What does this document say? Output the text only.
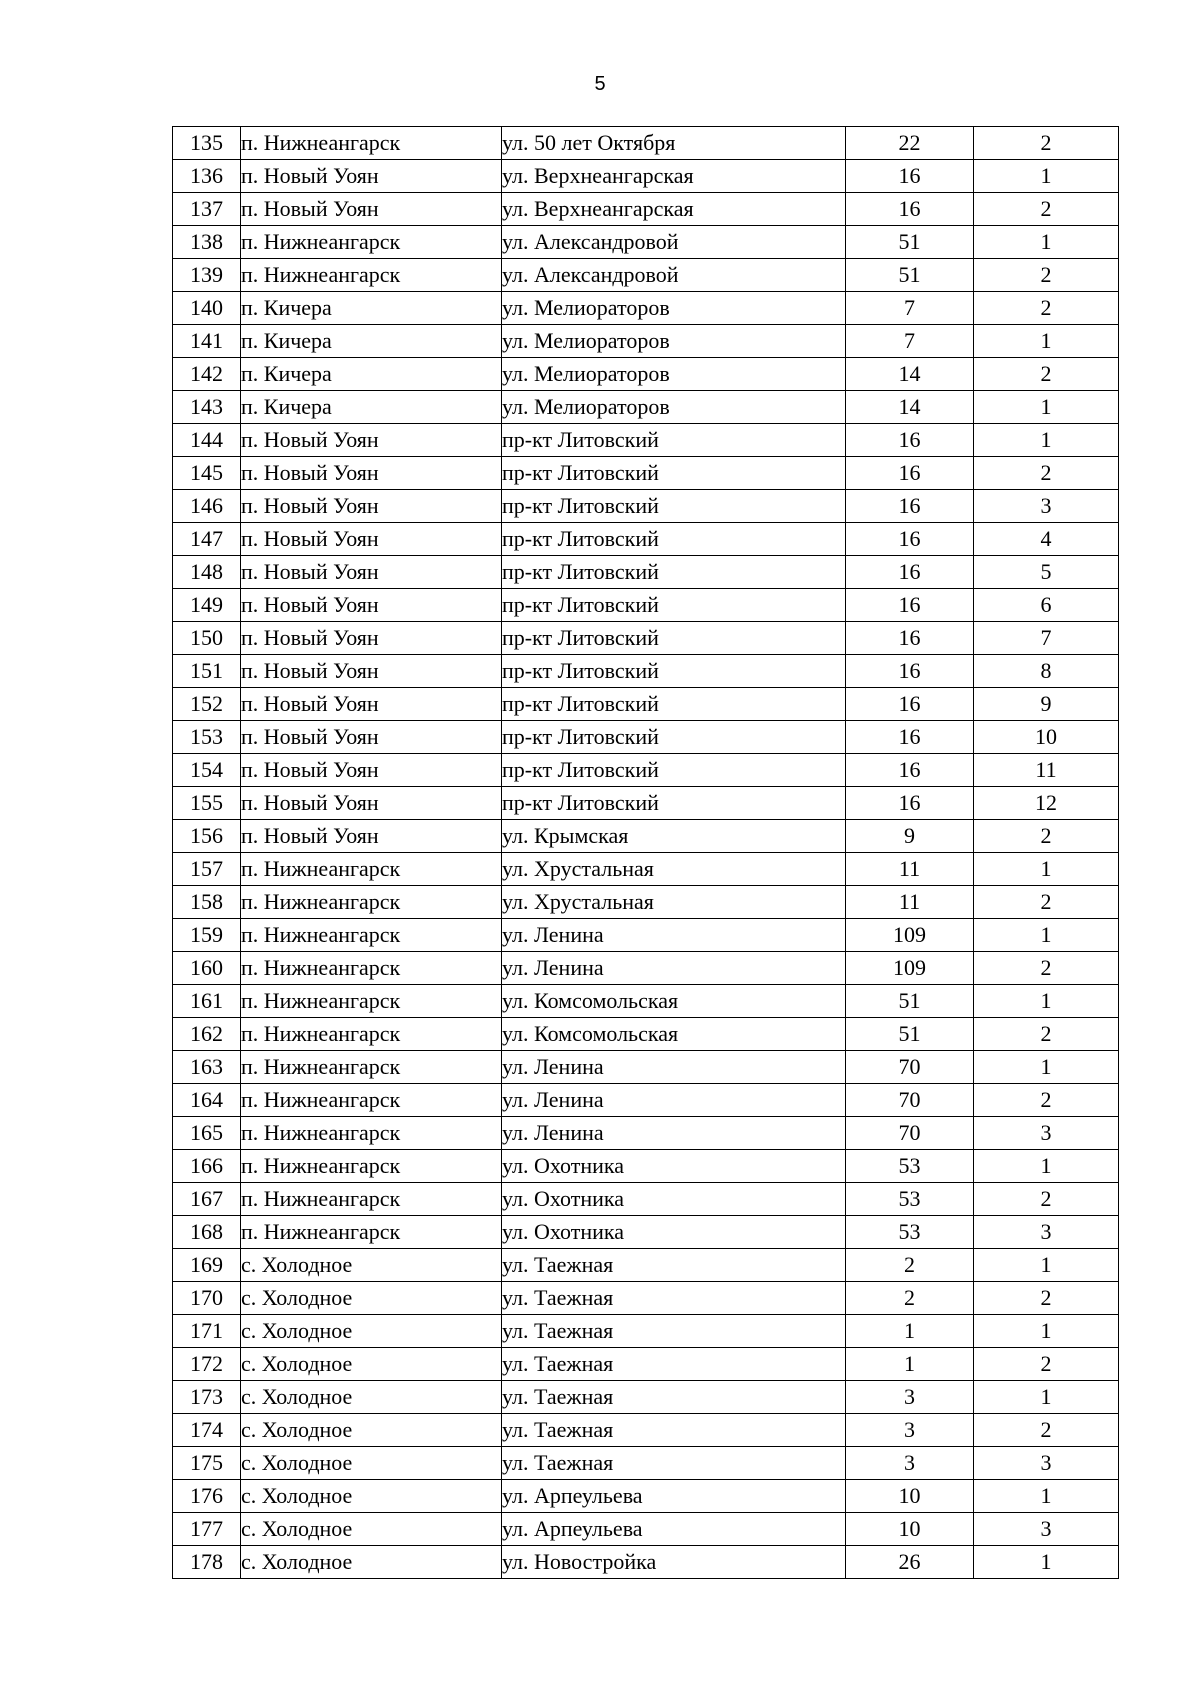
5
135	п. Нижнеангарск	ул. 50 лет Октября	22	2
136	п. Новый Уоян	ул. Верхнеангарская	16	1
137	п. Новый Уоян	ул. Верхнеангарская	16	2
138	п. Нижнеангарск	ул. Александровой	51	1
139	п. Нижнеангарск	ул. Александровой	51	2
140	п. Кичера	ул. Мелиораторов	7	2
141	п. Кичера	ул. Мелиораторов	7	1
142	п. Кичера	ул. Мелиораторов	14	2
143	п. Кичера	ул. Мелиораторов	14	1
144	п. Новый Уоян	пр-кт Литовский	16	1
145	п. Новый Уоян	пр-кт Литовский	16	2
146	п. Новый Уоян	пр-кт Литовский	16	3
147	п. Новый Уоян	пр-кт Литовский	16	4
148	п. Новый Уоян	пр-кт Литовский	16	5
149	п. Новый Уоян	пр-кт Литовский	16	6
150	п. Новый Уоян	пр-кт Литовский	16	7
151	п. Новый Уоян	пр-кт Литовский	16	8
152	п. Новый Уоян	пр-кт Литовский	16	9
153	п. Новый Уоян	пр-кт Литовский	16	10
154	п. Новый Уоян	пр-кт Литовский	16	11
155	п. Новый Уоян	пр-кт Литовский	16	12
156	п. Новый Уоян	ул. Крымская	9	2
157	п. Нижнеангарск	ул. Хрустальная	11	1
158	п. Нижнеангарск	ул. Хрустальная	11	2
159	п. Нижнеангарск	ул. Ленина	109	1
160	п. Нижнеангарск	ул. Ленина	109	2
161	п. Нижнеангарск	ул. Комсомольская	51	1
162	п. Нижнеангарск	ул. Комсомольская	51	2
163	п. Нижнеангарск	ул. Ленина	70	1
164	п. Нижнеангарск	ул. Ленина	70	2
165	п. Нижнеангарск	ул. Ленина	70	3
166	п. Нижнеангарск	ул. Охотника	53	1
167	п. Нижнеангарск	ул. Охотника	53	2
168	п. Нижнеангарск	ул. Охотника	53	3
169	с. Холодное	ул. Таежная	2	1
170	с. Холодное	ул. Таежная	2	2
171	с. Холодное	ул. Таежная	1	1
172	с. Холодное	ул. Таежная	1	2
173	с. Холодное	ул. Таежная	3	1
174	с. Холодное	ул. Таежная	3	2
175	с. Холодное	ул. Таежная	3	3
176	с. Холодное	ул. Арпеульева	10	1
177	с. Холодное	ул. Арпеульева	10	3
178	с. Холодное	ул. Новостройка	26	1
